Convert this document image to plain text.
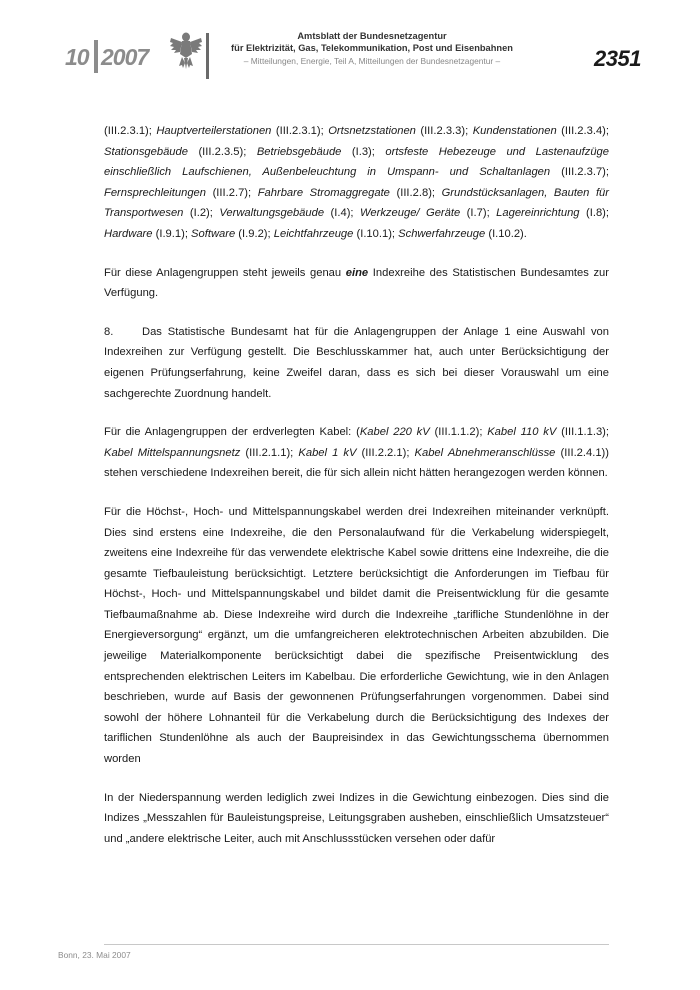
10 2007
Amtsblatt der Bundesnetzagentur
für Elektrizität, Gas, Telekommunikation, Post und Eisenbahnen
– Mitteilungen, Energie, Teil A, Mitteilungen der Bundesnetzagentur –	2351

(III.2.3.1); Hauptverteilerstationen (III.2.3.1); Ortsnetzstationen (III.2.3.3); Kundenstationen (III.2.3.4); Stationsgebäude (III.2.3.5); Betriebsgebäude (I.3); ortsfeste Hebezeuge und Lastenaufzüge einschließlich Laufschienen, Außenbeleuchtung in Umspann- und Schaltanlagen (III.2.3.7); Fernsprechleitungen (III.2.7); Fahrbare Stromaggregate (III.2.8); Grundstücksanlagen, Bauten für Transportwesen (I.2); Verwaltungsgebäude (I.4); Werkzeuge/ Geräte (I.7); Lagereinrichtung (I.8); Hardware (I.9.1); Software (I.9.2); Leichtfahrzeuge (I.10.1); Schwerfahrzeuge (I.10.2).

Für diese Anlagengruppen steht jeweils genau eine Indexreihe des Statistischen Bundesamtes zur Verfügung.

8.	Das Statistische Bundesamt hat für die Anlagengruppen der Anlage 1 eine Auswahl von Indexreihen zur Verfügung gestellt. Die Beschlusskammer hat, auch unter Berücksichtigung der eigenen Prüfungserfahrung, keine Zweifel daran, dass es sich bei dieser Vorauswahl um eine sachgerechte Zuordnung handelt.

Für die Anlagengruppen der erdverlegten Kabel: (Kabel 220 kV (III.1.1.2); Kabel 110 kV (III.1.1.3); Kabel Mittelspannungsnetz (III.2.1.1); Kabel 1 kV (III.2.2.1); Kabel Abnehmeranschlüsse (III.2.4.1)) stehen verschiedene Indexreihen bereit, die für sich allein nicht hätten herangezogen werden können.

Für die Höchst-, Hoch- und Mittelspannungskabel werden drei Indexreihen miteinander verknüpft. Dies sind erstens eine Indexreihe, die den Personalaufwand für die Verkabelung widerspiegelt, zweitens eine Indexreihe für das verwendete elektrische Kabel sowie drittens eine Indexreihe, die die gesamte Tiefbauleistung berücksichtigt. Letztere berücksichtigt die Anforderungen im Tiefbau für Höchst-, Hoch- und Mittelspannungskabel und bildet damit die Preisentwicklung für die gesamte Tiefbaumaßnahme ab. Diese Indexreihe wird durch die Indexreihe „tarifliche Stundenlöhne in der Energieversorgung“ ergänzt, um die umfangreicheren elektrotechnischen Arbeiten abzubilden. Die jeweilige Materialkomponente berücksichtigt dabei die spezifische Preisentwicklung des entsprechenden elektrischen Leiters im Kabelbau. Die erforderliche Gewichtung, wie in den Anlagen beschrieben, wurde auf Basis der gewonnenen Prüfungserfahrungen vorgenommen. Dabei sind sowohl der höhere Lohnanteil für die Verkabelung durch die Berücksichtigung des Indexes der tariflichen Stundenlöhne als auch der Baupreisindex in das Gewichtungsschema übernommen worden

In der Niederspannung werden lediglich zwei Indizes in die Gewichtung einbezogen. Dies sind die Indizes „Messzahlen für Bauleistungspreise, Leitungsgraben ausheben, einschließlich Umsatzsteuer“ und „andere elektrische Leiter, auch mit Anschlussstücken versehen oder dafür

Bonn, 23. Mai 2007
